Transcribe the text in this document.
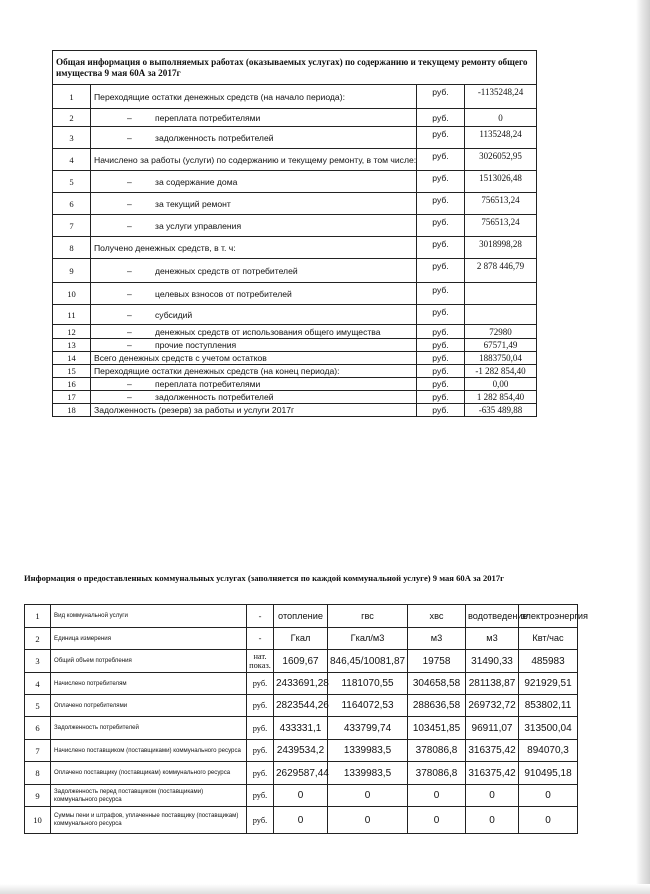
Общая информация о выполняемых работах (оказываемых услугах) по содержанию и текущему ремонту общего имущества 9 мая 60А за 2017г			
1	Переходящие остатки денежных средств (на начало периода):	руб.	-1135248,24
2	– переплата потребителями	руб.	0
3	– задолженность потребителей	руб.	1135248,24
4	Начислено за работы (услуги) по содержанию и текущему ремонту, в том числе:	руб.	3026052,95
5	– за содержание дома	руб.	1513026,48
6	– за текущий ремонт	руб.	756513,24
7	– за услуги управления	руб.	756513,24
8	Получено денежных средств, в т. ч:	руб.	3018998,28
9	– денежных средств от потребителей	руб.	2 878 446,79
10	– целевых взносов от потребителей	руб.	
11	– субсидий	руб.	
12	– денежных средств от использования общего имущества	руб.	72980
13	– прочие поступления	руб.	67571,49
14	Всего денежных средств с учетом остатков	руб.	1883750,04
15	Переходящие остатки денежных средств (на конец периода):	руб.	-1 282 854,40
16	– переплата потребителями	руб.	0,00
17	– задолженность потребителей	руб.	1 282 854,40
18	Задолженность (резерв) за работы и услуги 2017г	руб.	-635 489,88
Информация о предоставленных коммунальных услугах (заполняется по каждой коммунальной услуге) 9 мая 60А за 2017г
1	Вид коммунальной услуги	-	отопление	гвс	хвс	водотведение	электроэнергия
2	Единица измерения	-	Гкал	Гкал/м3	м3	м3	Квт/час
3	Общий объем потребления	нат. показ.	1609,67	846,45/10081,87	19758	31490,33	485983
4	Начислено потребителям	руб.	2433691,28	1181070,55	304658,58	281138,87	921929,51
5	Оплачено потребителями	руб.	2823544,26	1164072,53	288636,58	269732,72	853802,11
6	Задолженность потребителей	руб.	433331,1	433799,74	103451,85	96911,07	313500,04
7	Начислено поставщиком (поставщиками) коммунального ресурса	руб.	2439534,2	1339983,5	378086,8	316375,42	894070,3
8	Оплачено поставщику (поставщикам) коммунального ресурса	руб.	2629587,44	1339983,5	378086,8	316375,42	910495,18
9	Задолженность перед поставщиком (поставщиками) коммунального ресурса	руб.	0	0	0	0	0
10	Суммы пени и штрафов, уплаченные поставщику (поставщикам) коммунального ресурса	руб.	0	0	0	0	0
